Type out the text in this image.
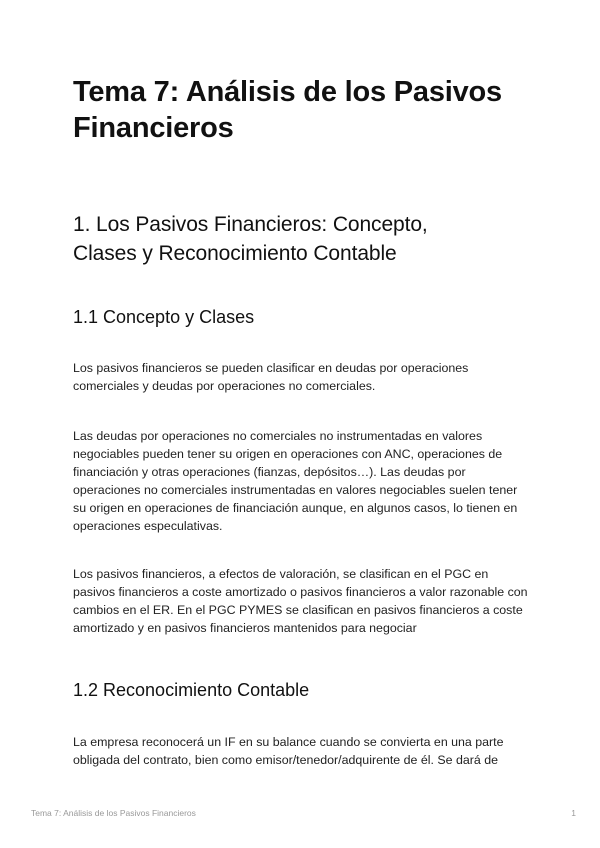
Tema 7: Análisis de los Pasivos Financieros
1. Los Pasivos Financieros: Concepto, Clases y Reconocimiento Contable
1.1 Concepto y Clases

Los pasivos financieros se pueden clasificar en deudas por operaciones comerciales y deudas por operaciones no comerciales.

Las deudas por operaciones no comerciales no instrumentadas en valores negociables pueden tener su origen en operaciones con ANC, operaciones de financiación y otras operaciones (fianzas, depósitos…). Las deudas por operaciones no comerciales instrumentadas en valores negociables suelen tener su origen en operaciones de financiación aunque, en algunos casos, lo tienen en operaciones especulativas.

Los pasivos financieros, a efectos de valoración, se clasifican en el PGC en pasivos financieros a coste amortizado o pasivos financieros a valor razonable con cambios en el ER. En el PGC PYMES se clasifican en pasivos financieros a coste amortizado y en pasivos financieros mantenidos para negociar

1.2 Reconocimiento Contable

La empresa reconocerá un IF en su balance cuando se convierta en una parte obligada del contrato, bien como emisor/tenedor/adquirente de él. Se dará de

Tema 7: Análisis de los Pasivos Financieros	1
